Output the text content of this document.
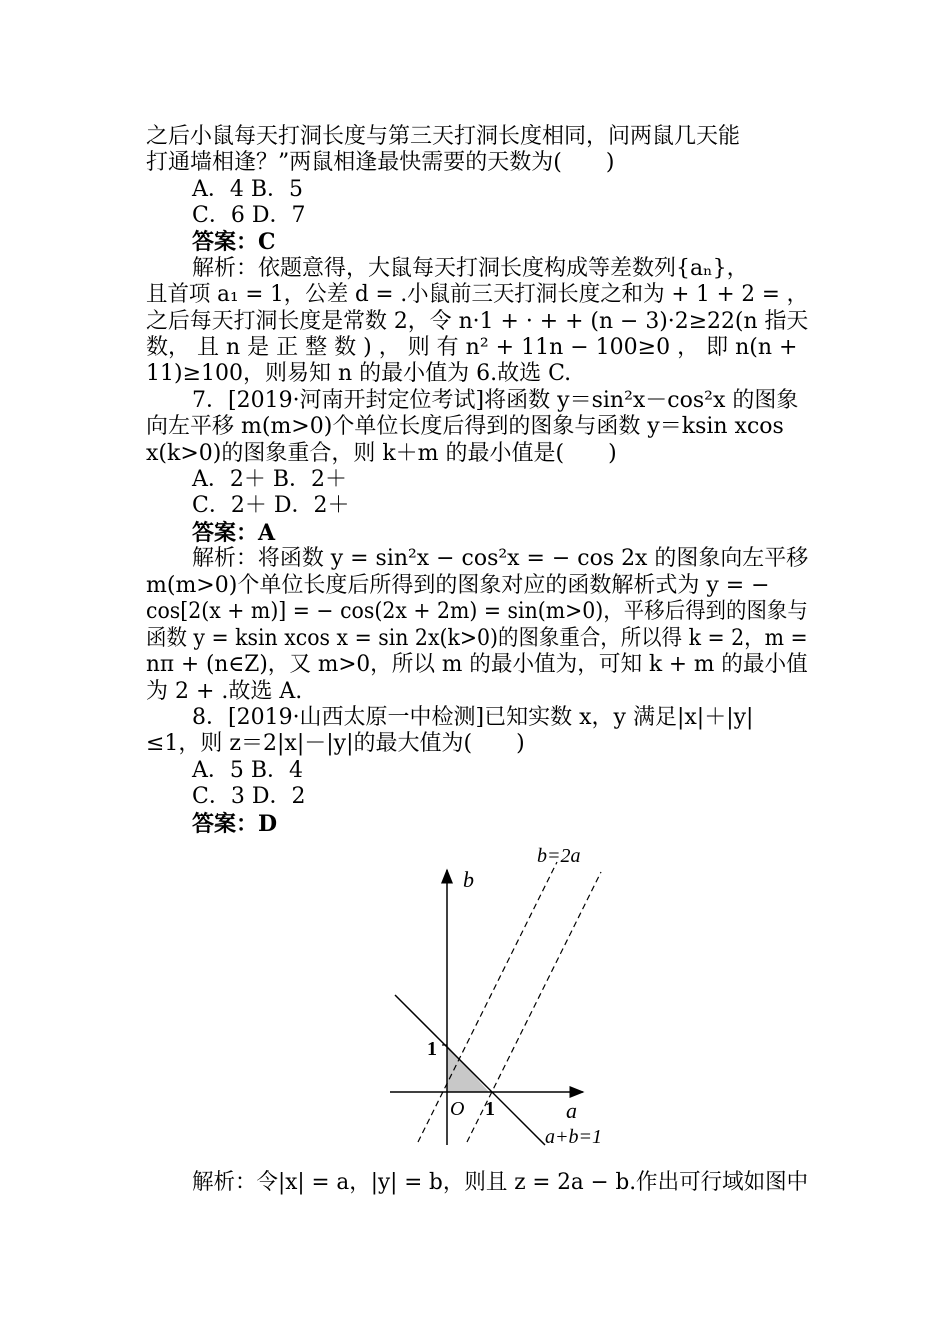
之后小鼠每天打洞长度与第三天打洞长度相同，问两鼠几天能
打通墙相逢？”两鼠相逢最快需要的天数为(　　)
A．4 B．5
C．6 D．7
答案：C
解析：依题意得，大鼠每天打洞长度构成等差数列{aₙ}，
且首项 a₁ = 1，公差 d = .小鼠前三天打洞长度之和为 + 1 + 2 = ，
之后每天打洞长度是常数 2，令 n·1 + · + + (n − 3)·2≥22(n 指天
数， 且 n 是 正 整 数 ) ， 则 有 n² + 11n − 100≥0 ， 即 n(n +
11)≥100，则易知 n 的最小值为 6.故选 C.
7．[2019·河南开封定位考试]将函数 y＝sin²x－cos²x 的图象
向左平移 m(m>0)个单位长度后得到的图象与函数 y＝ksin xcos
x(k>0)的图象重合，则 k＋m 的最小值是(　　)
A．2＋ B．2＋
C．2＋ D．2＋
答案：A
解析：将函数 y = sin²x − cos²x = − cos 2x 的图象向左平移
m(m>0)个单位长度后所得到的图象对应的函数解析式为 y = −
cos[2(x + m)] = − cos(2x + 2m) = sin(m>0)，平移后得到的图象与
函数 y = ksin xcos x = sin 2x(k>0)的图象重合，所以得 k = 2，m =
nπ + (n∈Z)，又 m>0，所以 m 的最小值为，可知 k + m 的最小值
为 2 + .故选 A.
8．[2019·山西太原一中检测]已知实数 x，y 满足|x|＋|y|
≤1，则 z＝2|x|－|y|的最大值为(　　)
A．5 B．4
C．3 D．2
答案：D
b
a
O
1
1
b=2a
a+b=1
解析：令|x| = a，|y| = b，则且 z = 2a − b.作出可行域如图中
